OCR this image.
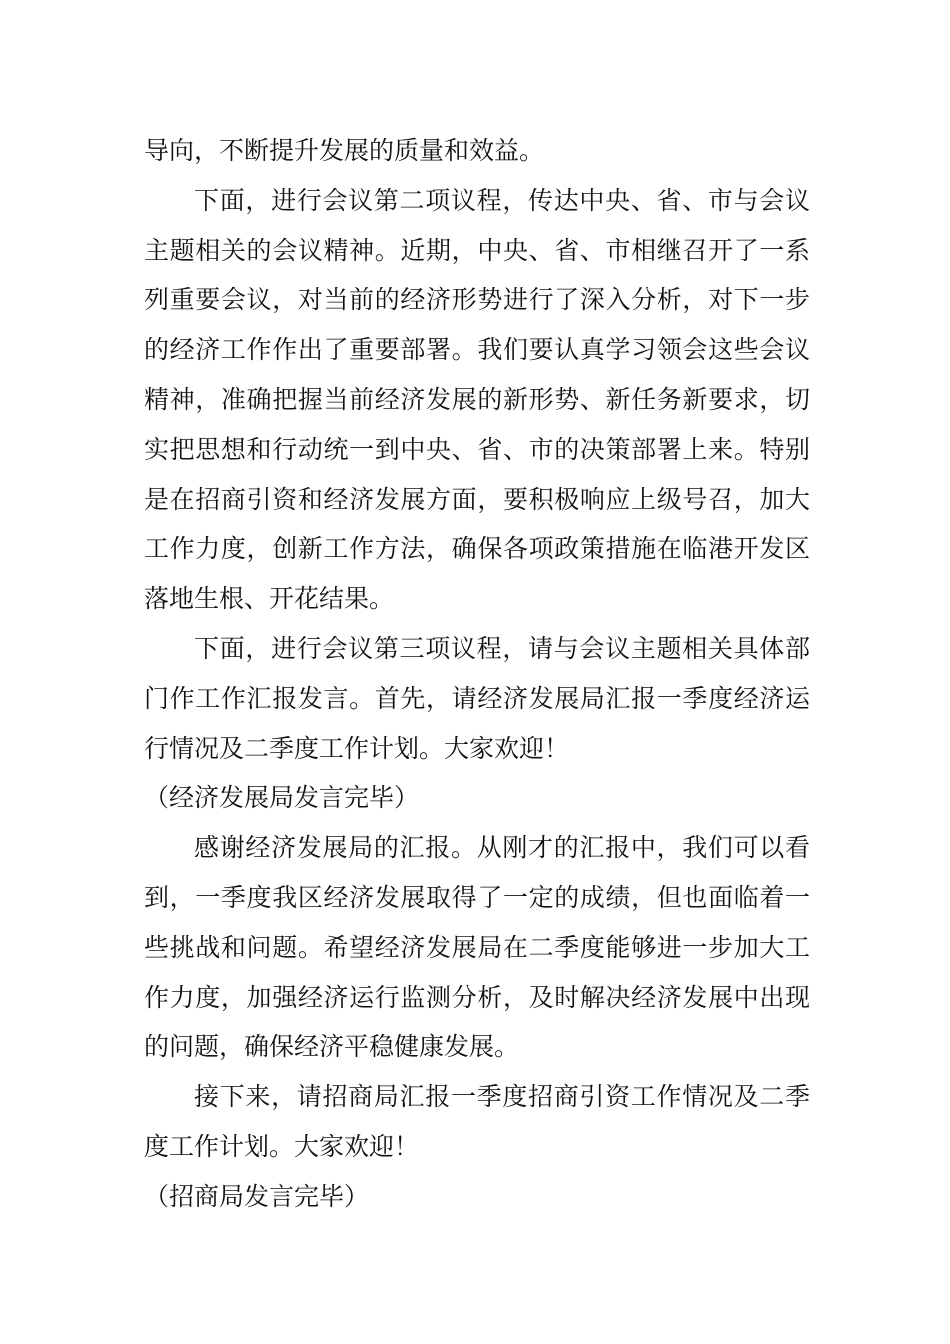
导向，不断提升发展的质量和效益。

下面，进行会议第二项议程，传达中央、省、市与会议主题相关的会议精神。近期，中央、省、市相继召开了一系列重要会议，对当前的经济形势进行了深入分析，对下一步的经济工作作出了重要部署。我们要认真学习领会这些会议精神，准确把握当前经济发展的新形势、新任务新要求，切实把思想和行动统一到中央、省、市的决策部署上来。特别是在招商引资和经济发展方面，要积极响应上级号召，加大工作力度，创新工作方法，确保各项政策措施在临港开发区落地生根、开花结果。

下面，进行会议第三项议程，请与会议主题相关具体部门作工作汇报发言。首先，请经济发展局汇报一季度经济运行情况及二季度工作计划。大家欢迎！

（经济发展局发言完毕）

感谢经济发展局的汇报。从刚才的汇报中，我们可以看到，一季度我区经济发展取得了一定的成绩，但也面临着一些挑战和问题。希望经济发展局在二季度能够进一步加大工作力度，加强经济运行监测分析，及时解决经济发展中出现的问题，确保经济平稳健康发展。

接下来，请招商局汇报一季度招商引资工作情况及二季度工作计划。大家欢迎！

（招商局发言完毕）
